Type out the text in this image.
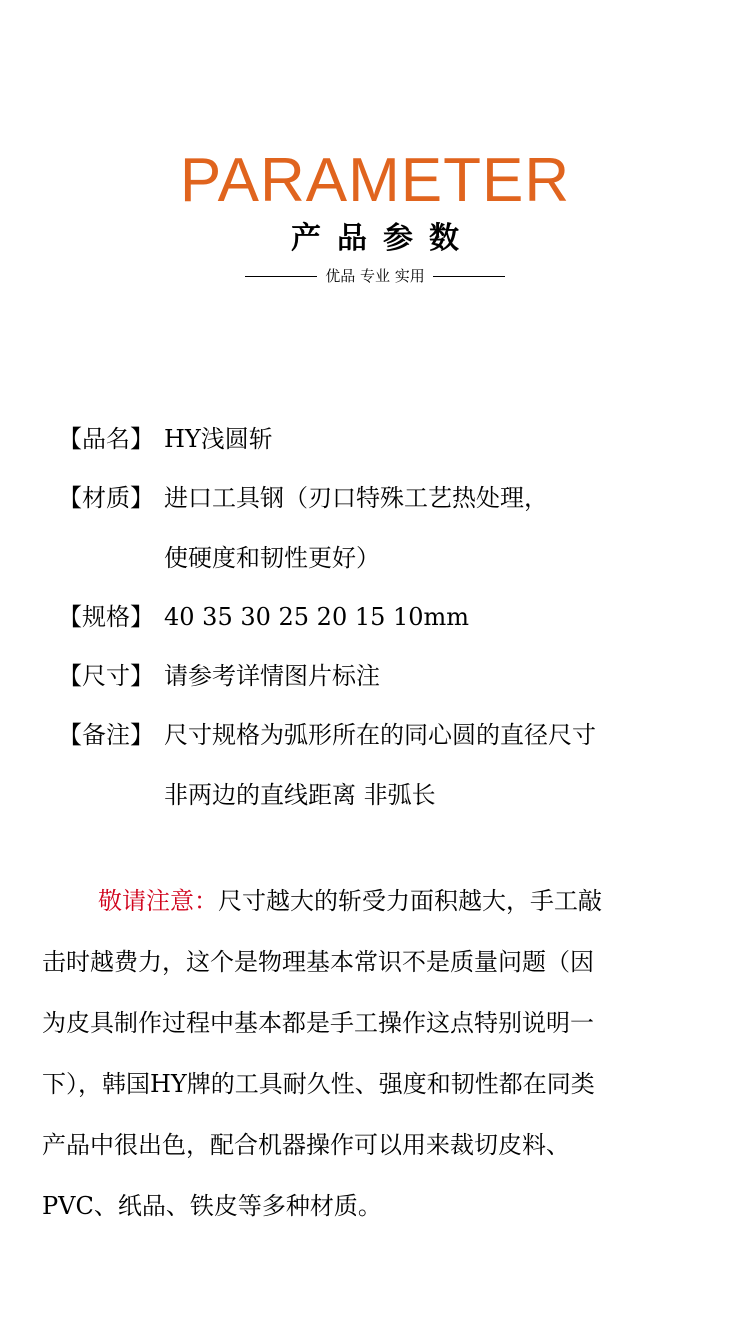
PARAMETER
产品参数
优品 专业 实用
【品名】 HY浅圆斩
【材质】 进口工具钢（刃口特殊工艺热处理，
使硬度和韧性更好）
【规格】 40 35 30 25 20 15 10mm
【尺寸】 请参考详情图片标注
【备注】 尺寸规格为弧形所在的同心圆的直径尺寸
非两边的直线距离 非弧长
敬请注意：尺寸越大的斩受力面积越大，手工敲
击时越费力，这个是物理基本常识不是质量问题（因
为皮具制作过程中基本都是手工操作这点特别说明一
下），韩国HY牌的工具耐久性、强度和韧性都在同类
产品中很出色，配合机器操作可以用来裁切皮料、
PVC、纸品、铁皮等多种材质。
